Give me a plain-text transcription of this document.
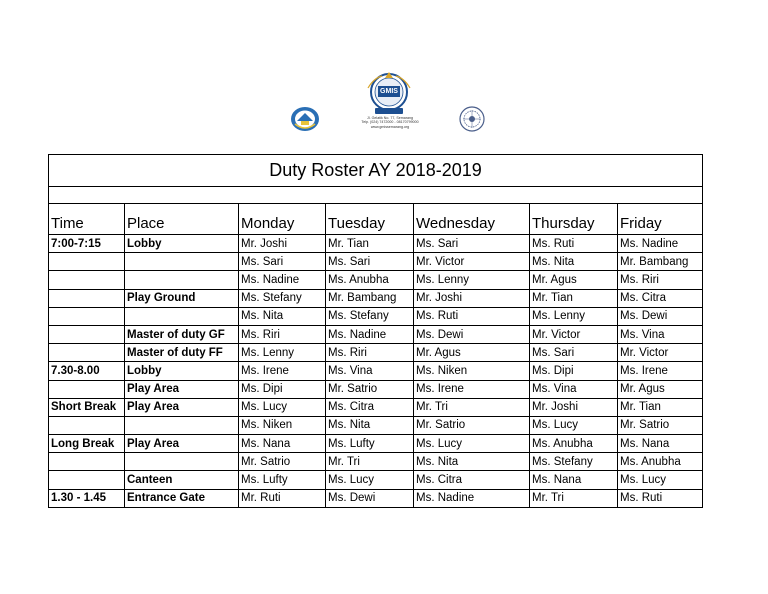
GMIS
Jl. Gelatik No. 77, Semarang
Telp. (024) 7472000 - 08170799000
www.gmissemarang.org
Duty Roster AY 2018-2019						

Time	Place	Monday	Tuesday	Wednesday	Thursday	Friday
7:00-7:15	Lobby	Mr. Joshi	Mr. Tian	Ms. Sari	Ms. Ruti	Ms. Nadine
		Ms. Sari	Ms. Sari	Mr. Victor	Ms. Nita	Mr. Bambang
		Ms. Nadine	Ms. Anubha	Ms. Lenny	Mr. Agus	Ms. Riri
	Play Ground	Ms. Stefany	Mr. Bambang	Mr. Joshi	Mr. Tian	Ms. Citra
		Ms. Nita	Ms. Stefany	Ms. Ruti	Ms. Lenny	Ms. Dewi
	Master of duty GF	Ms. Riri	Ms. Nadine	Ms. Dewi	Mr. Victor	Ms. Vina
	Master of duty FF	Ms. Lenny	Ms. Riri	Mr. Agus	Ms. Sari	Mr. Victor
7.30-8.00	Lobby	Ms. Irene	Ms. Vina	Ms. Niken	Ms. Dipi	Ms. Irene
	Play Area	Ms. Dipi	Mr. Satrio	Ms. Irene	Ms. Vina	Mr. Agus
Short Break	Play Area	Ms. Lucy	Ms. Citra	Mr. Tri	Mr. Joshi	Mr. Tian
		Ms. Niken	Ms. Nita	Mr. Satrio	Ms. Lucy	Mr. Satrio
Long Break	Play Area	Ms. Nana	Ms. Lufty	Ms. Lucy	Ms. Anubha	Ms. Nana
		Mr. Satrio	Mr. Tri	Ms. Nita	Ms. Stefany	Ms. Anubha
	Canteen	Ms. Lufty	Ms. Lucy	Ms. Citra	Ms. Nana	Ms. Lucy
1.30 - 1.45	Entrance Gate	Mr. Ruti	Ms. Dewi	Ms. Nadine	Mr. Tri	Ms. Ruti
